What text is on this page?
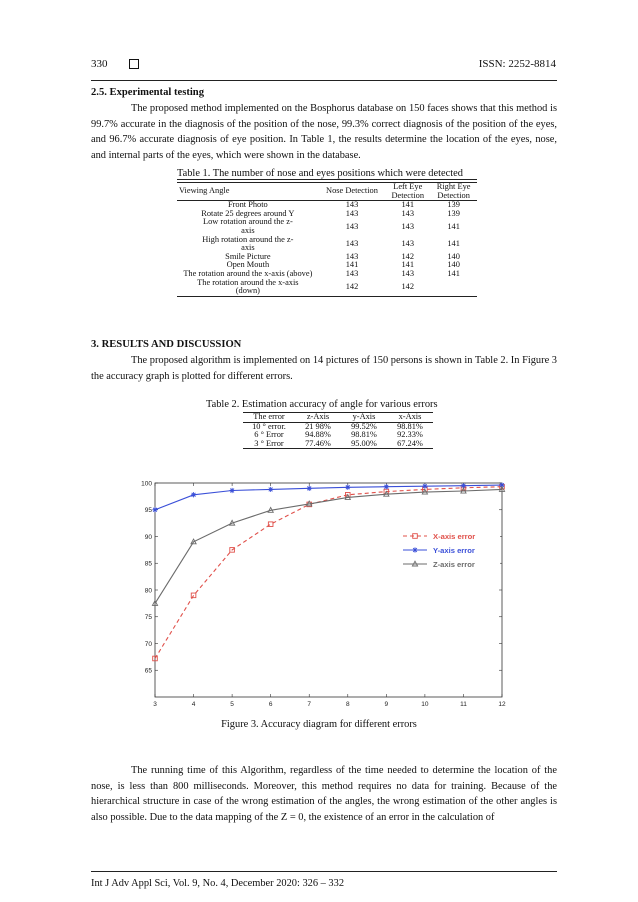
330	ISSN: 2252-8814
2.5. Experimental testing
The proposed method implemented on the Bosphorus database on 150 faces shows that this method is 99.7% accurate in the diagnosis of the position of the nose, 99.3% correct diagnosis of the position of the eyes, and 96.7% accurate diagnosis of eye position. In Table 1, the results determine the location of the eyes, nose, and internal parts of the eyes, which were shown in the database.
Table 1. The number of nose and eyes positions which were detected
Viewing Angle	Nose Detection	Left Eye Detection	Right Eye Detection
Front Photo	143	141	139
Rotate 25 degrees around Y	143	143	139
Low rotation around the z-axis	143	143	141
High rotation around the z-axis	143	143	141
Smile Picture	143	142	140
Open Mouth	141	141	140
The rotation around the x-axis (above)	143	143	141
The rotation around the x-axis (down)	142	142	
3. RESULTS AND DISCUSSION
The proposed algorithm is implemented on 14 pictures of 150 persons is shown in Table 2. In Figure 3 the accuracy graph is plotted for different errors.
Table 2. Estimation accuracy of angle for various errors
The error	z-Axis	y-Axis	x-Axis
10 ° error.	21 98%	99.52%	98.81%
6 ° Error	94.88%	98.81%	92.33%
3 ° Error	77.46%	95.00%	67.24%
3	4	5	6	7	8	9	10	11	12
65
70
75
80
85
90
95
100
X-axis error
Y-axis error
Z-axis error
Figure 3. Accuracy diagram for different errors
The running time of this Algorithm, regardless of the time needed to determine the location of the nose, is less than 800 milliseconds. Moreover, this method requires no data for training. Because of the hierarchical structure in case of the wrong estimation of the angles, the wrong estimation of the other angles is also possible. Due to the data mapping of the Z = 0, the existence of an error in the calculation of
Int J Adv Appl Sci, Vol. 9, No. 4, December 2020: 326 – 332
